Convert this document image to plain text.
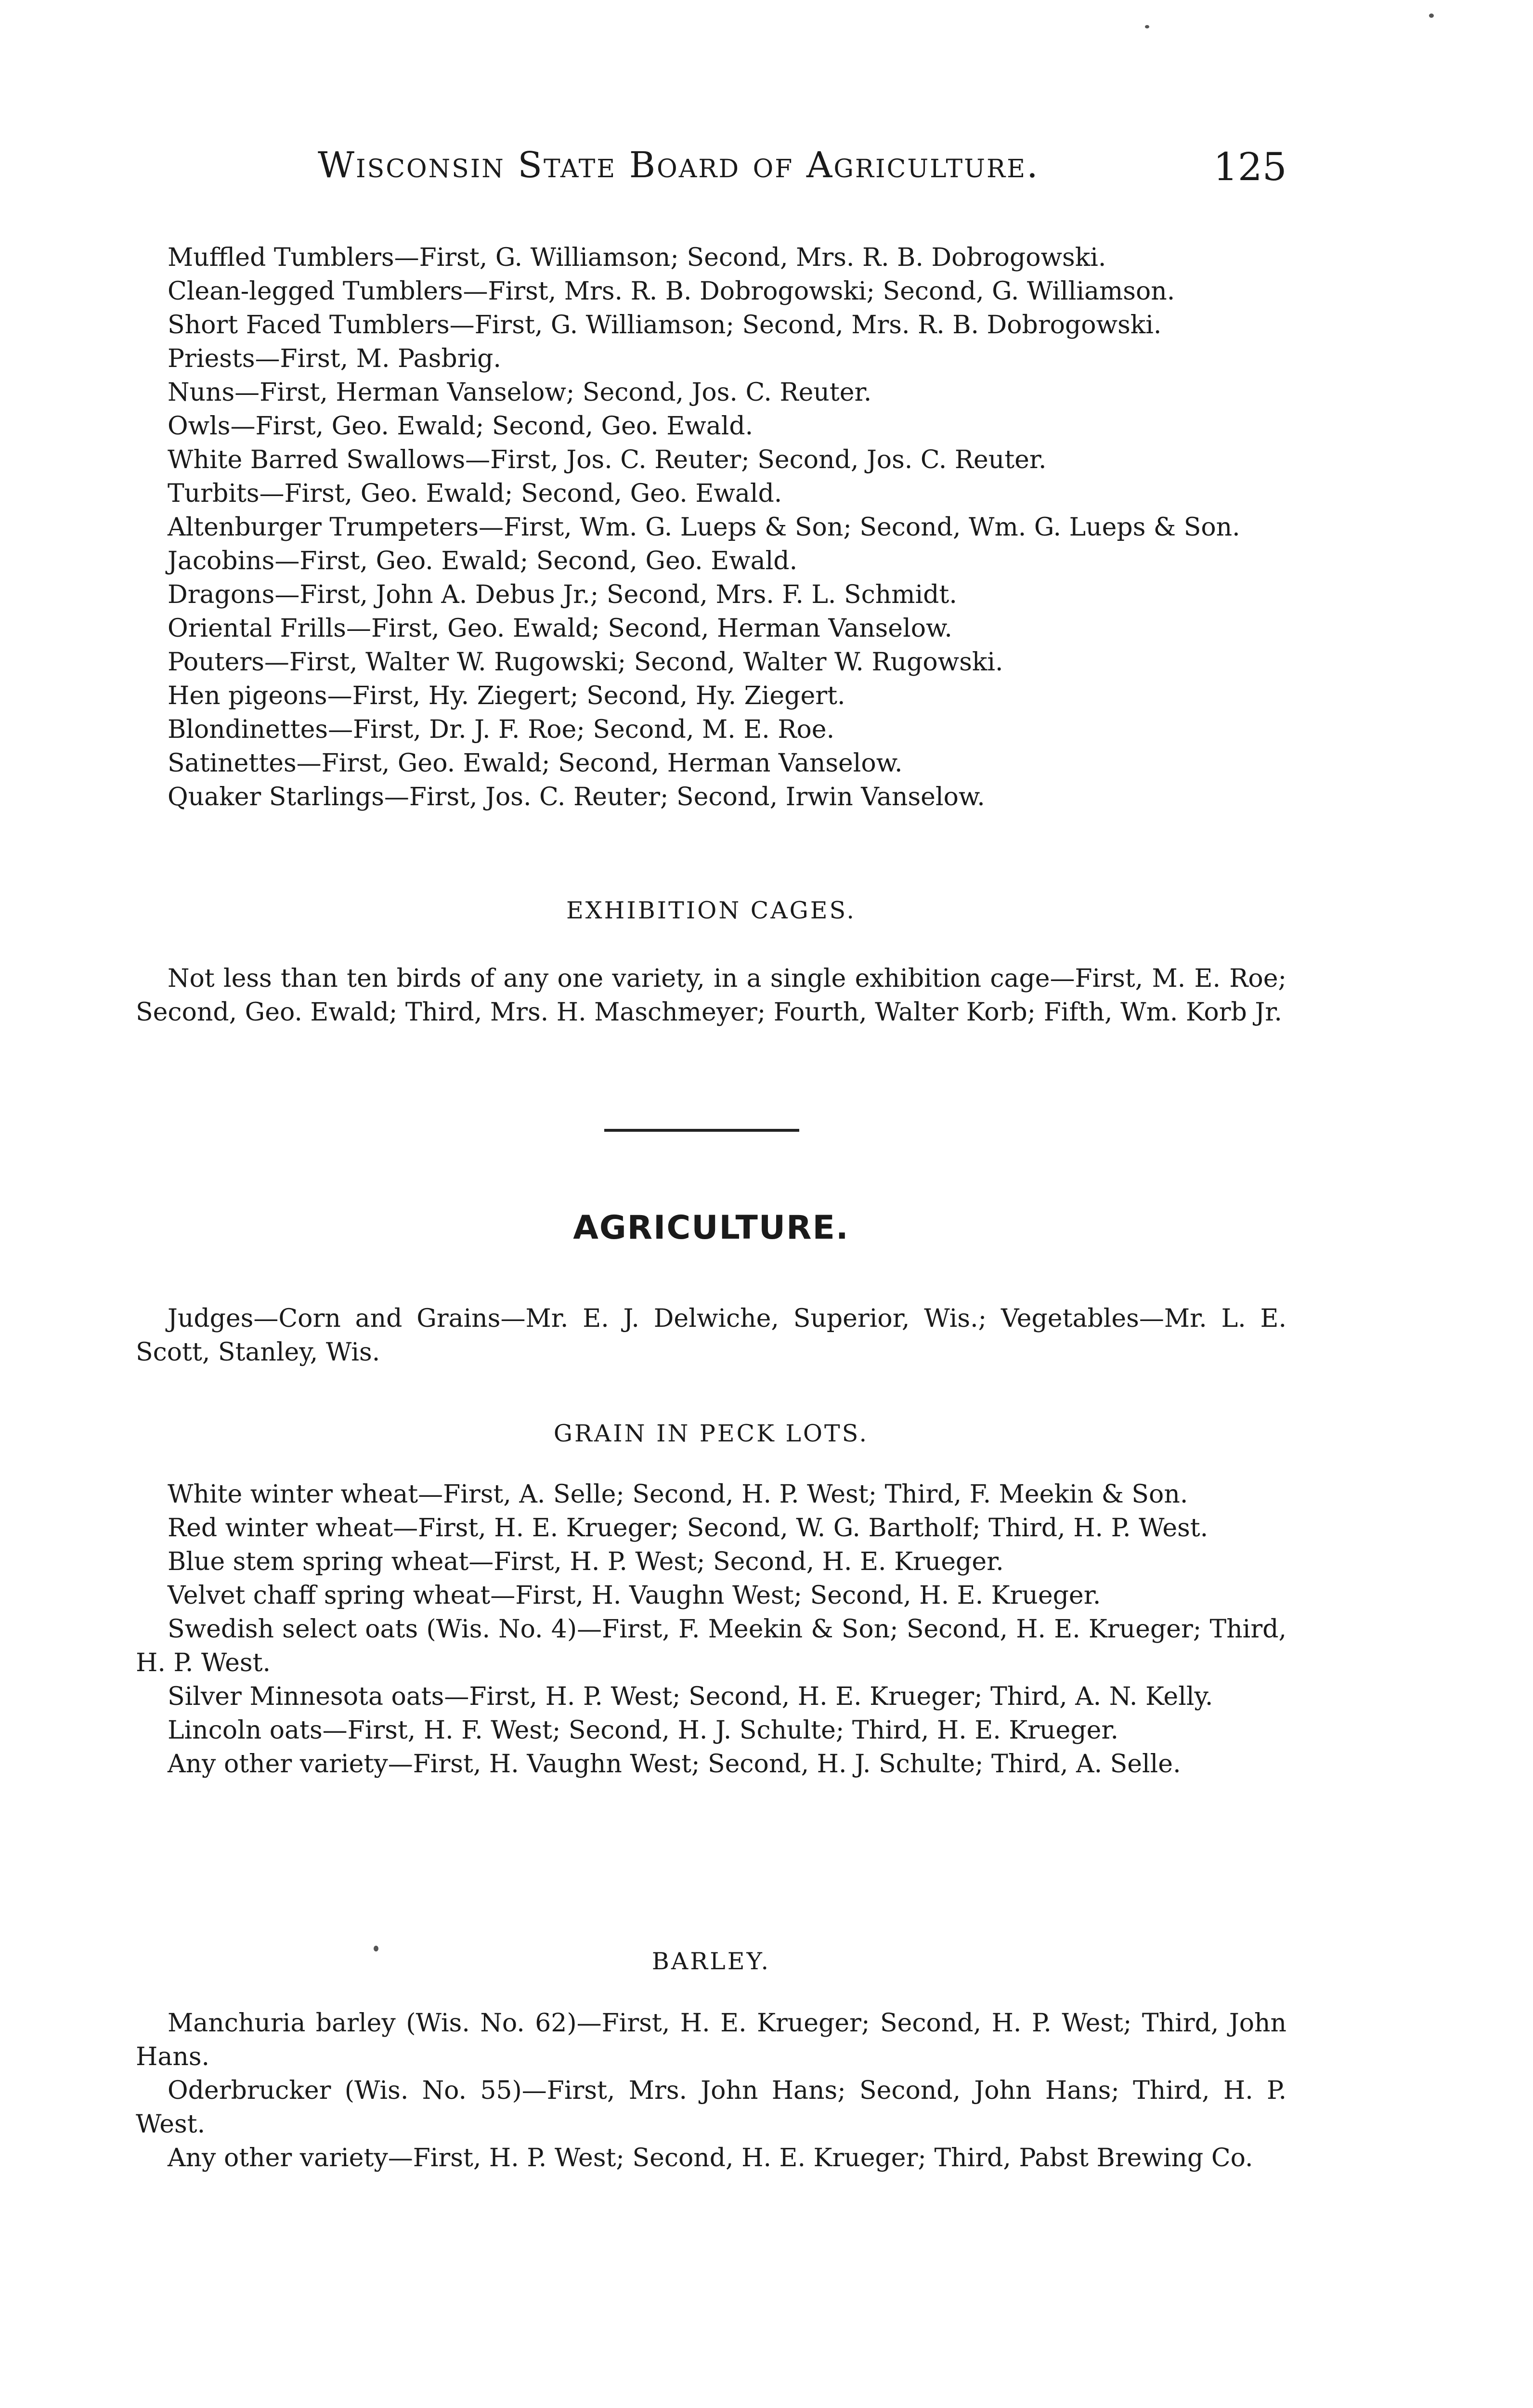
Wisconsin State Board of Agriculture.	125

Muffled Tumblers—First, G. Williamson; Second, Mrs. R. B. Dobrogowski.

Clean-legged Tumblers—First, Mrs. R. B. Dobrogowski; Second, G. Williamson.

Short Faced Tumblers—First, G. Williamson; Second, Mrs. R. B. Dobrogowski.

Priests—First, M. Pasbrig.

Nuns—First, Herman Vanselow; Second, Jos. C. Reuter.

Owls—First, Geo. Ewald; Second, Geo. Ewald.

White Barred Swallows—First, Jos. C. Reuter; Second, Jos. C. Reuter.

Turbits—First, Geo. Ewald; Second, Geo. Ewald.

Altenburger Trumpeters—First, Wm. G. Lueps & Son; Second, Wm. G. Lueps & Son.

Jacobins—First, Geo. Ewald; Second, Geo. Ewald.

Dragons—First, John A. Debus Jr.; Second, Mrs. F. L. Schmidt.

Oriental Frills—First, Geo. Ewald; Second, Herman Vanselow.

Pouters—First, Walter W. Rugowski; Second, Walter W. Rugowski.

Hen pigeons—First, Hy. Ziegert; Second, Hy. Ziegert.

Blondinettes—First, Dr. J. F. Roe; Second, M. E. Roe.

Satinettes—First, Geo. Ewald; Second, Herman Vanselow.

Quaker Starlings—First, Jos. C. Reuter; Second, Irwin Vanselow.

EXHIBITION CAGES.

Not less than ten birds of any one variety, in a single exhibition cage—First, M. E. Roe; Second, Geo. Ewald; Third, Mrs. H. Maschmeyer; Fourth, Walter Korb; Fifth, Wm. Korb Jr.

AGRICULTURE.

Judges—Corn and Grains—Mr. E. J. Delwiche, Superior, Wis.; Vegetables—Mr. L. E. Scott, Stanley, Wis.

GRAIN IN PECK LOTS.

White winter wheat—First, A. Selle; Second, H. P. West; Third, F. Meekin & Son.

Red winter wheat—First, H. E. Krueger; Second, W. G. Bartholf; Third, H. P. West.

Blue stem spring wheat—First, H. P. West; Second, H. E. Krueger.

Velvet chaff spring wheat—First, H. Vaughn West; Second, H. E. Krueger.

Swedish select oats (Wis. No. 4)—First, F. Meekin & Son; Second, H. E. Krueger; Third, H. P. West.

Silver Minnesota oats—First, H. P. West; Second, H. E. Krueger; Third, A. N. Kelly.

Lincoln oats—First, H. F. West; Second, H. J. Schulte; Third, H. E. Krueger.

Any other variety—First, H. Vaughn West; Second, H. J. Schulte; Third, A. Selle.

BARLEY.

Manchuria barley (Wis. No. 62)—First, H. E. Krueger; Second, H. P. West; Third, John Hans.

Oderbrucker (Wis. No. 55)—First, Mrs. John Hans; Second, John Hans; Third, H. P. West.

Any other variety—First, H. P. West; Second, H. E. Krueger; Third, Pabst Brewing Co.
